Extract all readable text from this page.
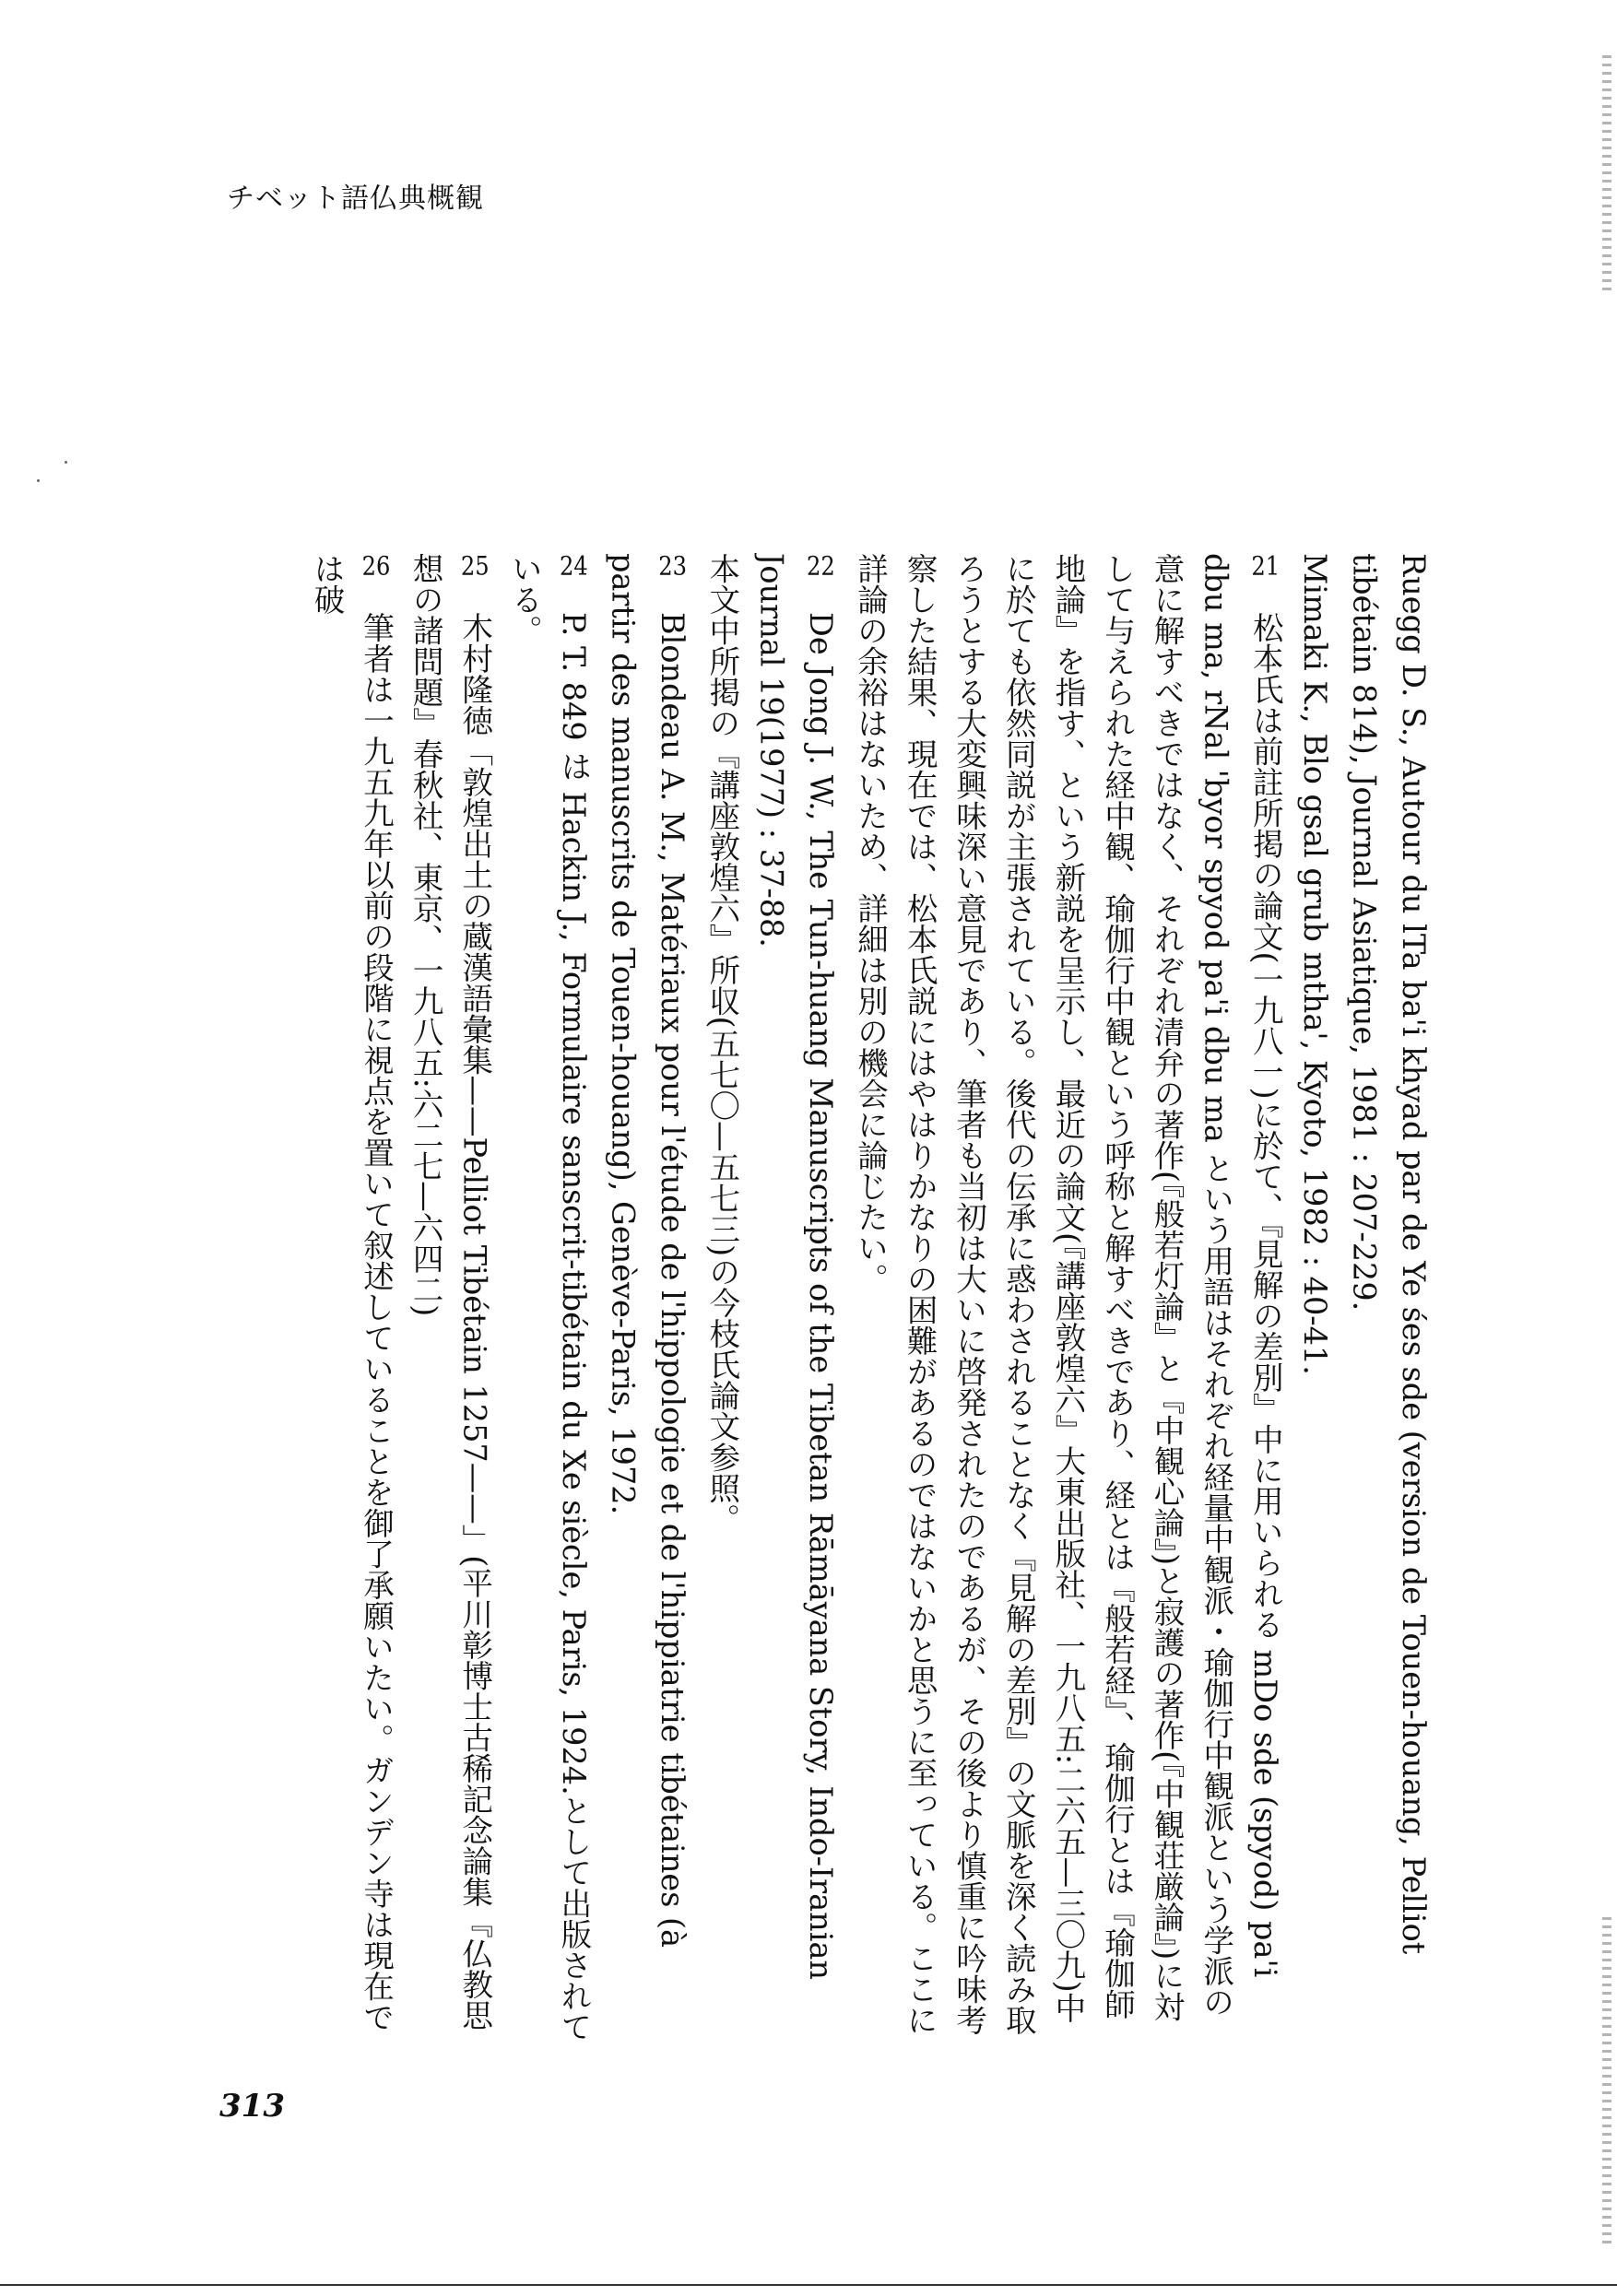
チベット語仏典概観
Ruegg D. S., Autour du lTa ba'i khyad par de Ye śes sde (version de Touen-houang, Pelliot tibétain 814), Journal Asiatique, 1981 : 207-229.
Mimaki K., Blo gsal grub mtha', Kyoto, 1982 : 40-41.
21松本氏は前註所掲の論文(一九八一)に於て、『見解の差別』中に用いられる mDo sde (spyod) pa'i dbu ma, rNal 'byor spyod pa'i dbu ma という用語はそれぞれ経量中観派・瑜伽行中観派という学派の意に解すべきではなく、それぞれ清弁の著作(『般若灯論』と『中観心論』)と寂護の著作(『中観荘厳論』)に対して与えられた経中観、瑜伽行中観という呼称と解すべきであり、経とは『般若経』、瑜伽行とは『瑜伽師地論』を指す、という新説を呈示し、最近の論文(『講座敦煌六』大東出版社、一九八五:二六五—三〇九)中に於ても依然同説が主張されている。後代の伝承に惑わされることなく『見解の差別』の文脈を深く読み取ろうとする大変興味深い意見であり、筆者も当初は大いに啓発されたのであるが、その後より慎重に吟味考察した結果、現在では、松本氏説にはやはりかなりの困難があるのではないかと思うに至っている。ここに詳論の余裕はないため、詳細は別の機会に論じたい。
22De Jong J. W., The Tun-huang Manuscripts of the Tibetan Rāmāyana Story, Indo-Iranian Journal 19(1977) : 37-88.
本文中所掲の『講座敦煌六』所収(五七〇—五七三)の今枝氏論文参照。
23Blondeau A. M., Matériaux pour l'étude de l'hippologie et de l'hippiatrie tibétaines (à partir des manuscrits de Touen-houang), Genève-Paris, 1972.
24P. T. 849 は Hackin J., Formulaire sanscrit-tibétain du Xe siècle, Paris, 1924.として出版されている。
25木村隆徳「敦煌出土の蔵漢語彙集——Pelliot Tibétain 1257——」(平川彰博士古稀記念論集『仏教思想の諸問題』春秋社、東京、一九八五:六二七—六四二)
26筆者は一九五九年以前の段階に視点を置いて叙述していることを御了承願いたい。ガンデン寺は現在では破
313
